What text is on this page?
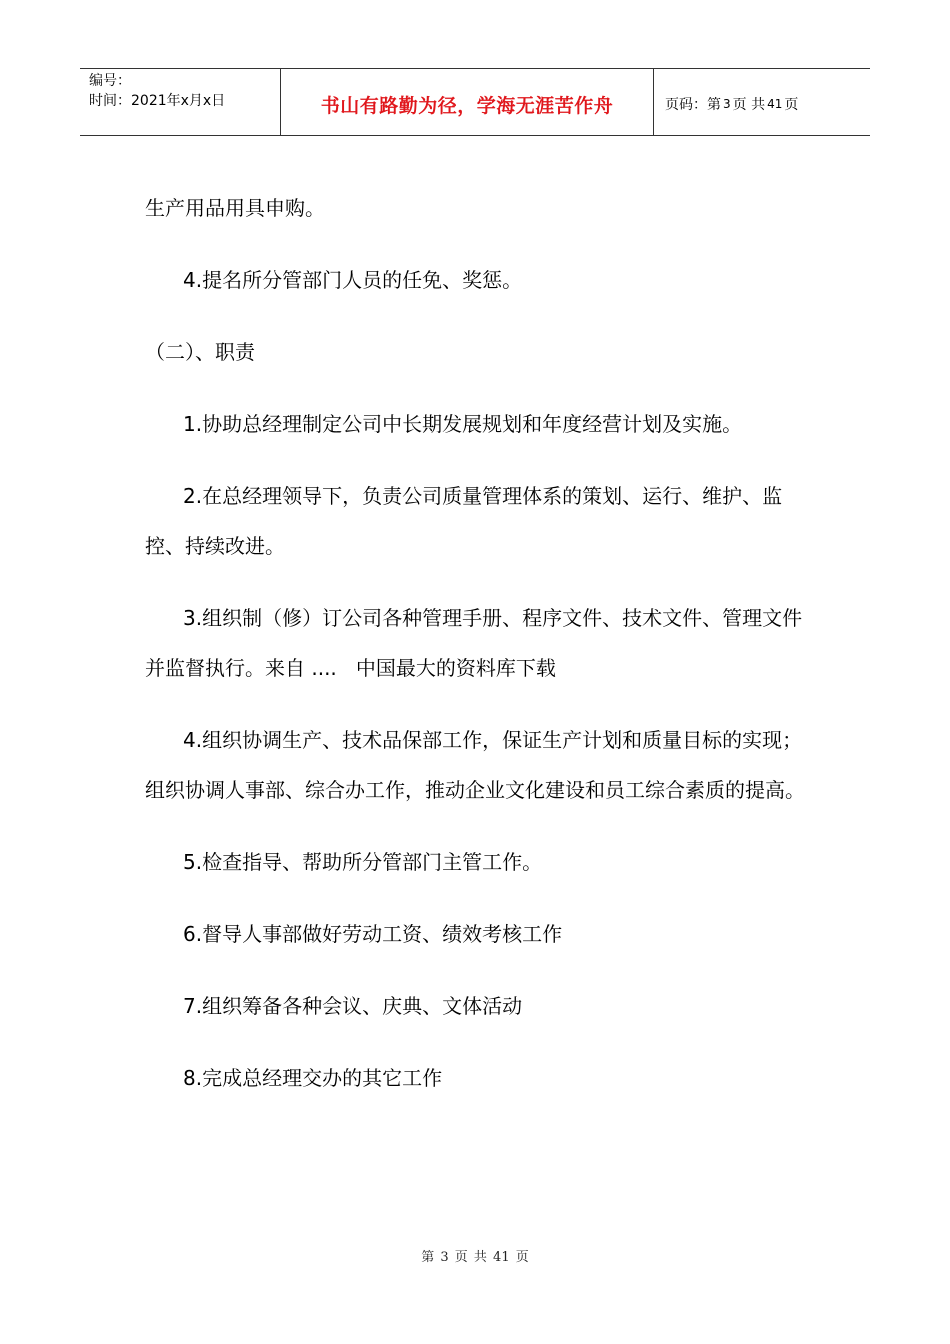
编号：
时间：2021年x月x日	书山有路勤为径，学海无涯苦作舟	页码：第 3 页 共 41 页

生产用品用具申购。

4.提名所分管部门人员的任免、奖惩。

（二）、职责

1.协助总经理制定公司中长期发展规划和年度经营计划及实施。

2.在总经理领导下，负责公司质量管理体系的策划、运行、维护、监控、持续改进。

3.组织制（修）订公司各种管理手册、程序文件、技术文件、管理文件并监督执行。来自 ....   中国最大的资料库下载

4.组织协调生产、技术品保部工作，保证生产计划和质量目标的实现；组织协调人事部、综合办工作，推动企业文化建设和员工综合素质的提高。

5.检查指导、帮助所分管部门主管工作。

6.督导人事部做好劳动工资、绩效考核工作

7.组织筹备各种会议、庆典、文体活动

8.完成总经理交办的其它工作

第 3 页 共 41 页
